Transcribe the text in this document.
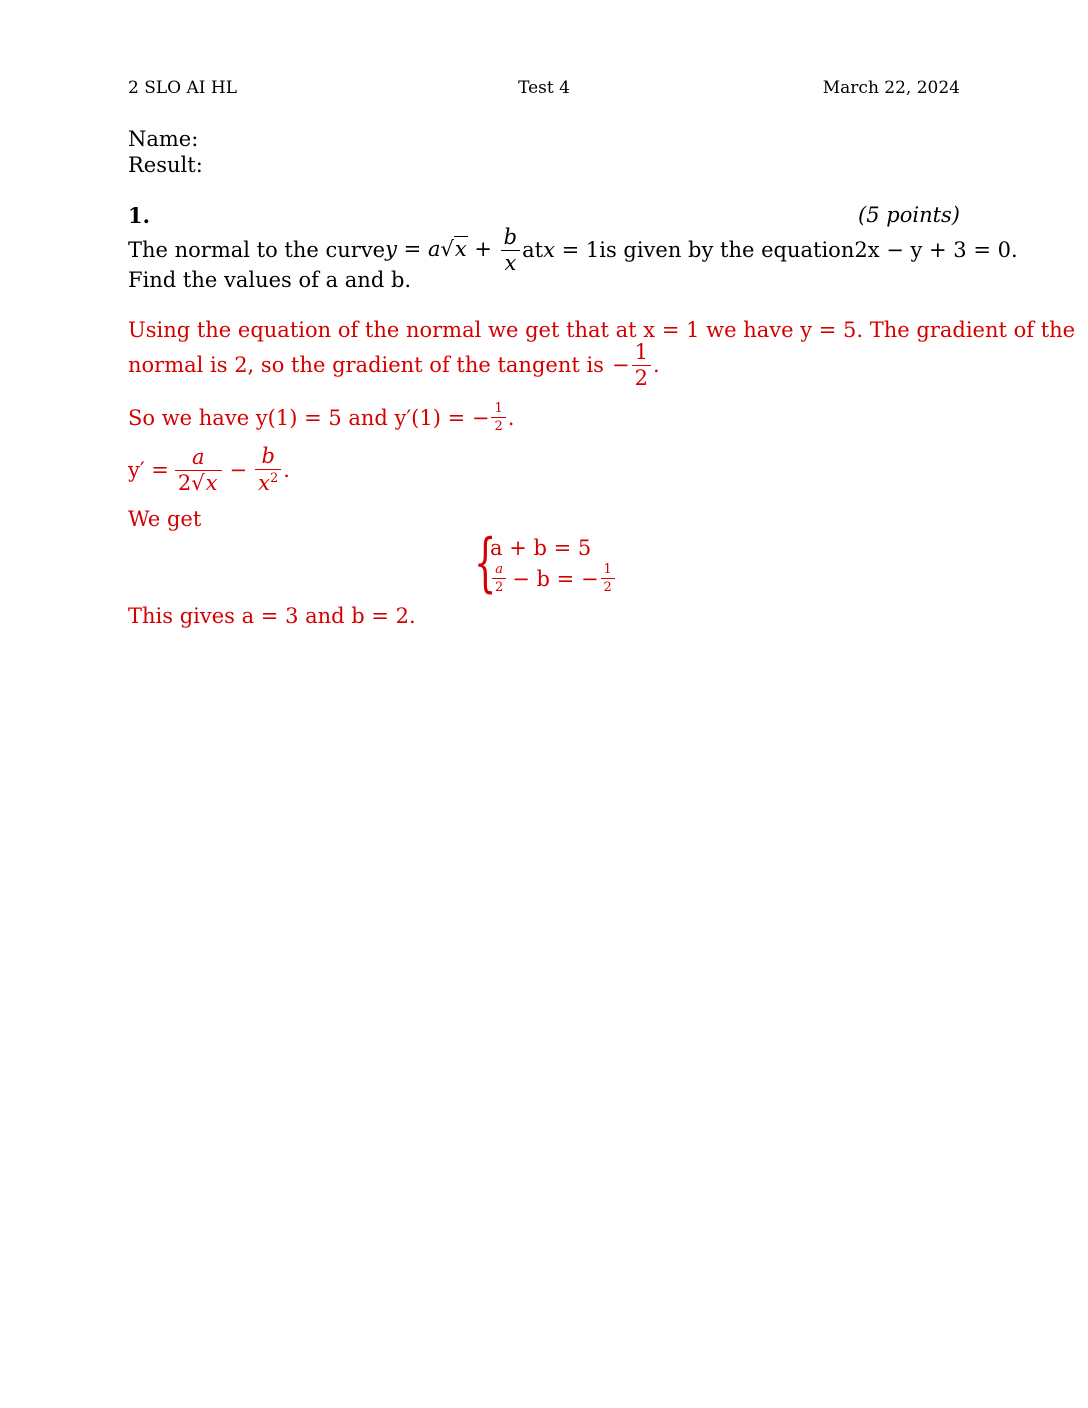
2 SLO AI HL	Test 4	March 22, 2024
Name:
Result:
1.	(5 points)
The normal to the curve $y = a√x + \frac{b}{x}$ at x = 1 is given by the equation 2x − y + 3 = 0.
Find the values of a and b.
Using the equation of the normal we get that at x = 1 we have y = 5. The gradient of the
normal is 2, so the gradient of the tangent is − $\frac{1}{2}$ .
So we have y(1) = 5 and y′(1) = − $\frac{1}{2}$ .
$y' = \frac{a}{2√x} - \frac{b}{x^2}$ .
We get
{
a + b = 5
$\frac{a}{2} - b$ = − $\frac{1}{2}$
This gives a = 3 and b = 2.
